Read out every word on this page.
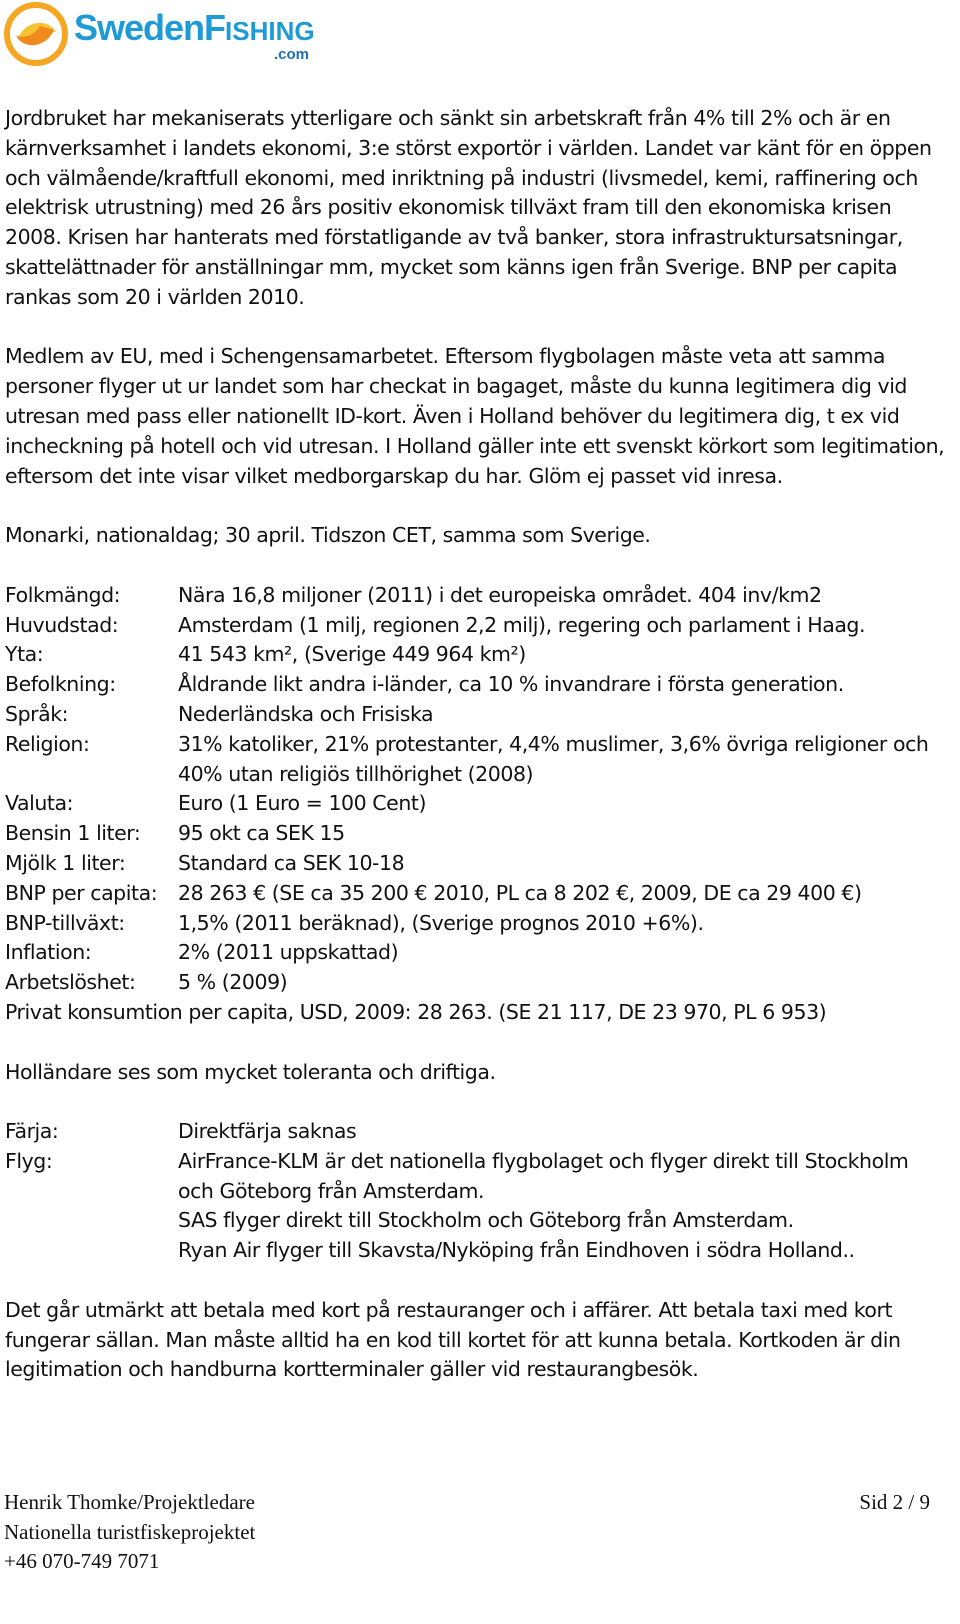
SwedenFISHING
.com

Jordbruket har mekaniserats ytterligare och sänkt sin arbetskraft från 4% till 2% och är en kärnverksamhet i landets ekonomi, 3:e störst exportör i världen. Landet var känt för en öppen och välmående/kraftfull ekonomi, med inriktning på industri (livsmedel, kemi, raffinering och elektrisk utrustning) med 26 års positiv ekonomisk tillväxt fram till den ekonomiska krisen 2008. Krisen har hanterats med förstatligande av två banker, stora infrastruktursatsningar, skattelättnader för anställningar mm, mycket som känns igen från Sverige. BNP per capita rankas som 20 i världen 2010.

Medlem av EU, med i Schengensamarbetet. Eftersom flygbolagen måste veta att samma personer flyger ut ur landet som har checkat in bagaget, måste du kunna legitimera dig vid utresan med pass eller nationellt ID-kort. Även i Holland behöver du legitimera dig, t ex vid incheckning på hotell och vid utresan. I Holland gäller inte ett svenskt körkort som legitimation, eftersom det inte visar vilket medborgarskap du har. Glöm ej passet vid inresa.

Monarki, nationaldag; 30 april. Tidszon CET, samma som Sverige.

Folkmängd:	Nära 16,8 miljoner (2011) i det europeiska området. 404 inv/km2
Huvudstad:	Amsterdam (1 milj, regionen 2,2 milj), regering och parlament i Haag.
Yta:	41 543 km², (Sverige 449 964 km²)
Befolkning:	Åldrande likt andra i-länder, ca 10 % invandrare i första generation.
Språk:	Nederländska och Frisiska
Religion:	31% katoliker, 21% protestanter, 4,4% muslimer, 3,6% övriga religioner och 40% utan religiös tillhörighet (2008)
Valuta:	Euro (1 Euro = 100 Cent)
Bensin 1 liter:	95 okt ca SEK 15
Mjölk 1 liter:	Standard ca SEK 10-18
BNP per capita:	28 263 € (SE ca 35 200 € 2010, PL ca 8 202 €, 2009, DE ca 29 400 €)
BNP-tillväxt:	1,5% (2011 beräknad), (Sverige prognos 2010 +6%).
Inflation:	2% (2011 uppskattad)
Arbetslöshet:	5 % (2009)
Privat konsumtion per capita, USD, 2009: 28 263. (SE 21 117, DE 23 970, PL 6 953)

Holländare ses som mycket toleranta och driftiga.

Färja:	Direktfärja saknas
Flyg:	AirFrance-KLM är det nationella flygbolaget och flyger direkt till Stockholm och Göteborg från Amsterdam.
SAS flyger direkt till Stockholm och Göteborg från Amsterdam.
Ryan Air flyger till Skavsta/Nyköping från Eindhoven i södra Holland..

Det går utmärkt att betala med kort på restauranger och i affärer. Att betala taxi med kort fungerar sällan. Man måste alltid ha en kod till kortet för att kunna betala. Kortkoden är din legitimation och handburna kortterminaler gäller vid restaurangbesök.

Henrik Thomke/Projektledare
Nationella turistfiskeprojektet
+46 070-749 7071
Sid 2 / 9
